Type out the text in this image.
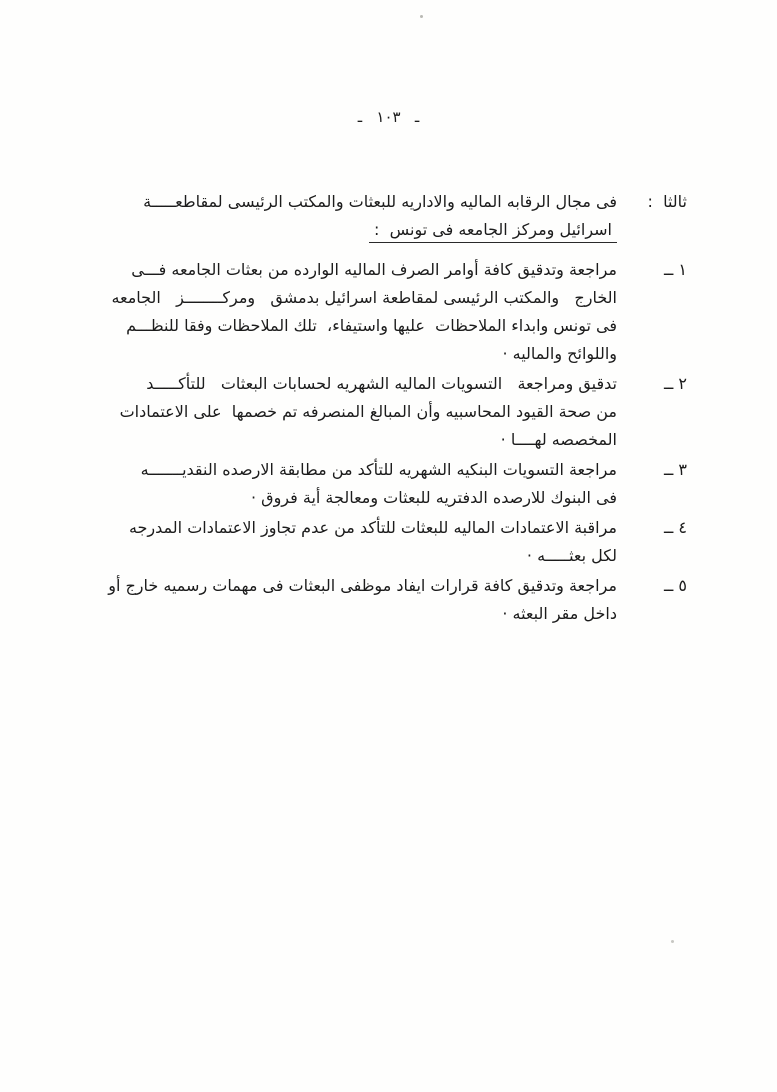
ـ   ١٠٣   ـ
ثالثا  :
فى مجال الرقابه الماليه والاداريه للبعثات والمكتب الرئيسى لمقاطعـــــة
اسرائيل ومركز الجامعه فى تونس  :
١ ــ
مراجعة وتدقيق كافة أوامر الصرف الماليه الوارده من بعثات الجامعه فـــى
الخارج   والمكتب الرئيسى لمقاطعة اسرائيل بدمشق   ومركــــــــز   الجامعه
فى تونس وابداء الملاحظات  عليها واستيفاء،  تلك الملاحظات وفقا للنظـــم
واللوائح والماليه ·
٢ ــ
تدقيق ومراجعة   التسويات الماليه الشهريه لحسابات البعثات   للتأكـــــد
من صحة القيود المحاسبيه وأن المبالغ المنصرفه تم خصمها  على الاعتمادات
المخصصه لهــــا ·
٣ ــ
مراجعة التسويات البنكيه الشهريه للتأكد من مطابقة الارصده النقديـــــــه
فى البنوك للارصده الدفتريه للبعثات ومعالجة أية فروق ·
٤ ــ
مراقبة الاعتمادات الماليه للبعثات للتأكد من عدم تجاوز الاعتمادات المدرجه
لكل بعثـــــه ·
٥ ــ
مراجعة وتدقيق كافة قرارات ايفاد موظفى البعثات فى مهمات رسميه خارج أو
داخل مقر البعثه ·
